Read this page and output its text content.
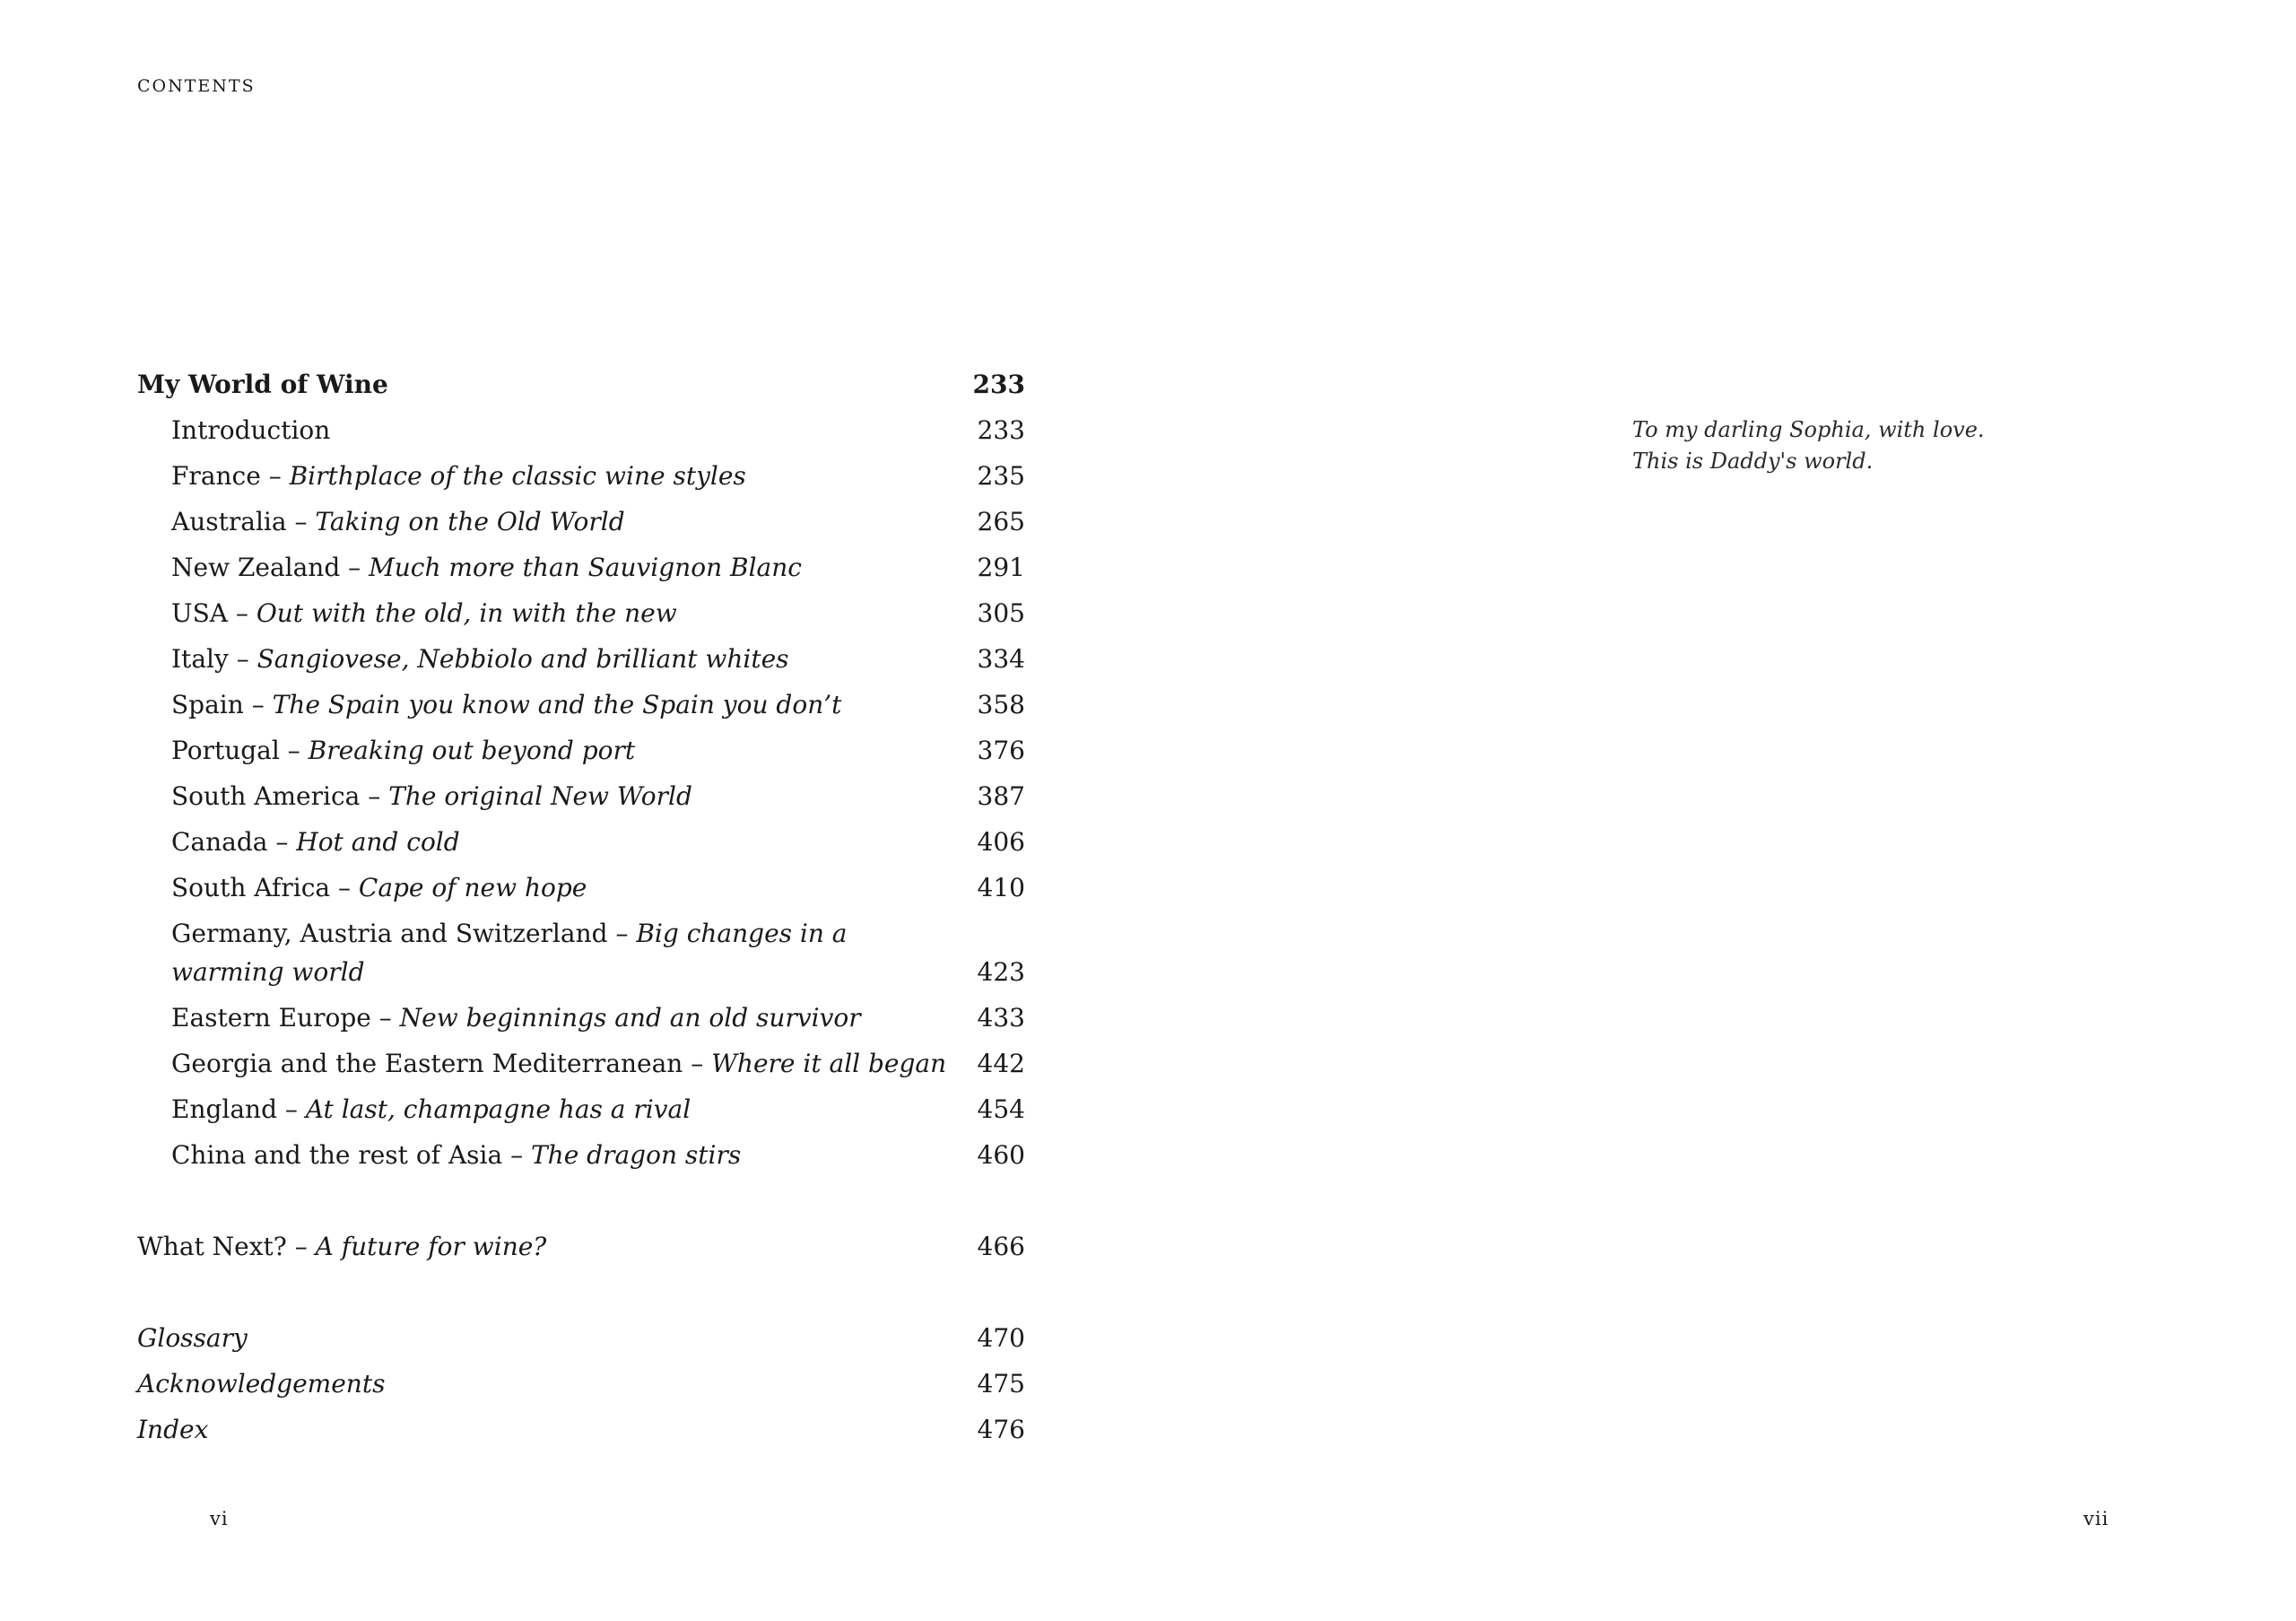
CONTENTS
My World of Wine	233
Introduction	233
France – Birthplace of the classic wine styles	235
Australia – Taking on the Old World	265
New Zealand – Much more than Sauvignon Blanc	291
USA – Out with the old, in with the new	305
Italy – Sangiovese, Nebbiolo and brilliant whites	334
Spain – The Spain you know and the Spain you don’t	358
Portugal – Breaking out beyond port	376
South America – The original New World	387
Canada – Hot and cold	406
South Africa – Cape of new hope	410
Germany, Austria and Switzerland – Big changes in a warming world	423
Eastern Europe – New beginnings and an old survivor	433
Georgia and the Eastern Mediterranean – Where it all began 442
England – At last, champagne has a rival	454
China and the rest of Asia – The dragon stirs	460
What Next? – A future for wine?	466
Glossary	470
Acknowledgements	475
Index	476
To my darling Sophia, with love.
This is Daddy's world.
vi	vii
